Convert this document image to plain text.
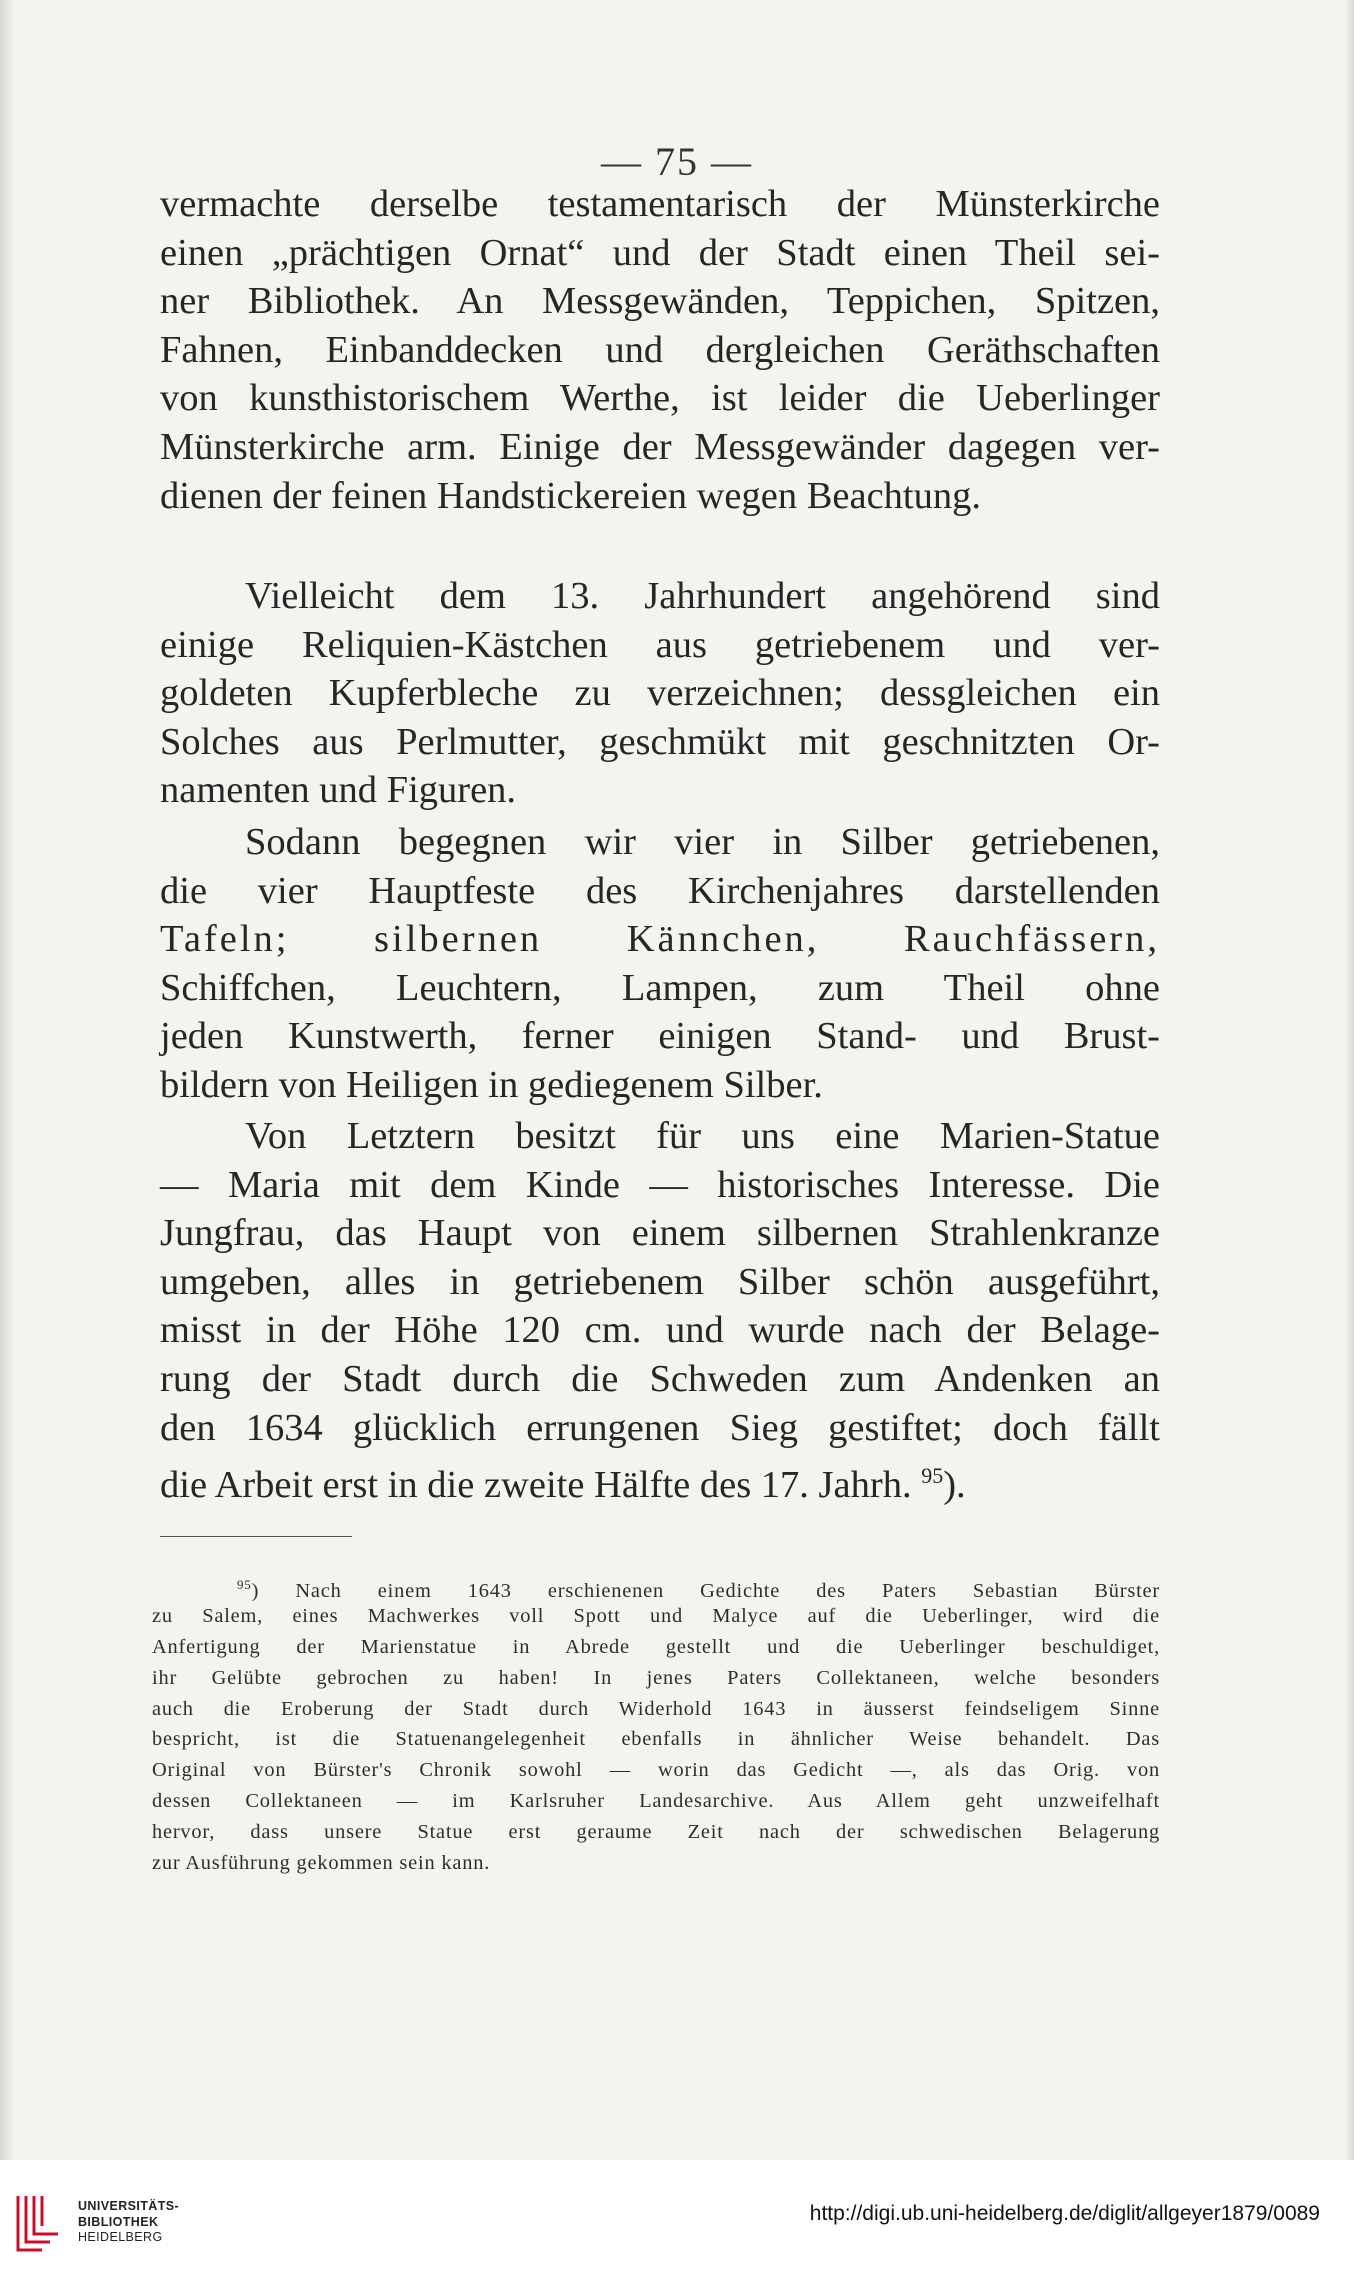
— 75 —
vermachte derselbe testamentarisch der Münsterkirche
einen „prächtigen Ornat“ und der Stadt einen Theil sei-
ner Bibliothek. An Messgewänden, Teppichen, Spitzen,
Fahnen, Einbanddecken und dergleichen Geräthschaften
von kunsthistorischem Werthe, ist leider die Ueberlinger
Münsterkirche arm. Einige der Messgewänder dagegen ver-
dienen der feinen Handstickereien wegen Beachtung.
Vielleicht dem 13. Jahrhundert angehörend sind
einige Reliquien-Kästchen aus getriebenem und ver-
goldeten Kupferbleche zu verzeichnen; dessgleichen ein
Solches aus Perlmutter, geschmükt mit geschnitzten Or-
namenten und Figuren.
Sodann begegnen wir vier in Silber getriebenen,
die vier Hauptfeste des Kirchenjahres darstellenden
Tafeln; silbernen Kännchen, Rauchfässern,
Schiffchen, Leuchtern, Lampen, zum Theil ohne
jeden Kunstwerth, ferner einigen Stand- und Brust-
bildern von Heiligen in gediegenem Silber.
Von Letztern besitzt für uns eine Marien-Statue
— Maria mit dem Kinde — historisches Interesse. Die
Jungfrau, das Haupt von einem silbernen Strahlenkranze
umgeben, alles in getriebenem Silber schön ausgeführt,
misst in der Höhe 120 cm. und wurde nach der Belage-
rung der Stadt durch die Schweden zum Andenken an
den 1634 glücklich errungenen Sieg gestiftet; doch fällt
die Arbeit erst in die zweite Hälfte des 17. Jahrh. $^{95}$).
$^{95}$) Nach einem 1643 erschienenen Gedichte des Paters Sebastian Bürster
zu Salem, eines Machwerkes voll Spott und Malyce auf die Ueberlinger, wird die
Anfertigung der Marienstatue in Abrede gestellt und die Ueberlinger beschuldiget,
ihr Gelübte gebrochen zu haben! In jenes Paters Collektaneen, welche besonders
auch die Eroberung der Stadt durch Widerhold 1643 in äusserst feindseligem Sinne
bespricht, ist die Statuenangelegenheit ebenfalls in ähnlicher Weise behandelt. Das
Original von Bürster's Chronik sowohl — worin das Gedicht —, als das Orig. von
dessen Collektaneen — im Karlsruher Landesarchive. Aus Allem geht unzweifelhaft
hervor, dass unsere Statue erst geraume Zeit nach der schwedischen Belagerung
zur Ausführung gekommen sein kann.
UNIVERSITÄTS-
BIBLIOTHEK
HEIDELBERG
http://digi.ub.uni-heidelberg.de/diglit/allgeyer1879/0089
